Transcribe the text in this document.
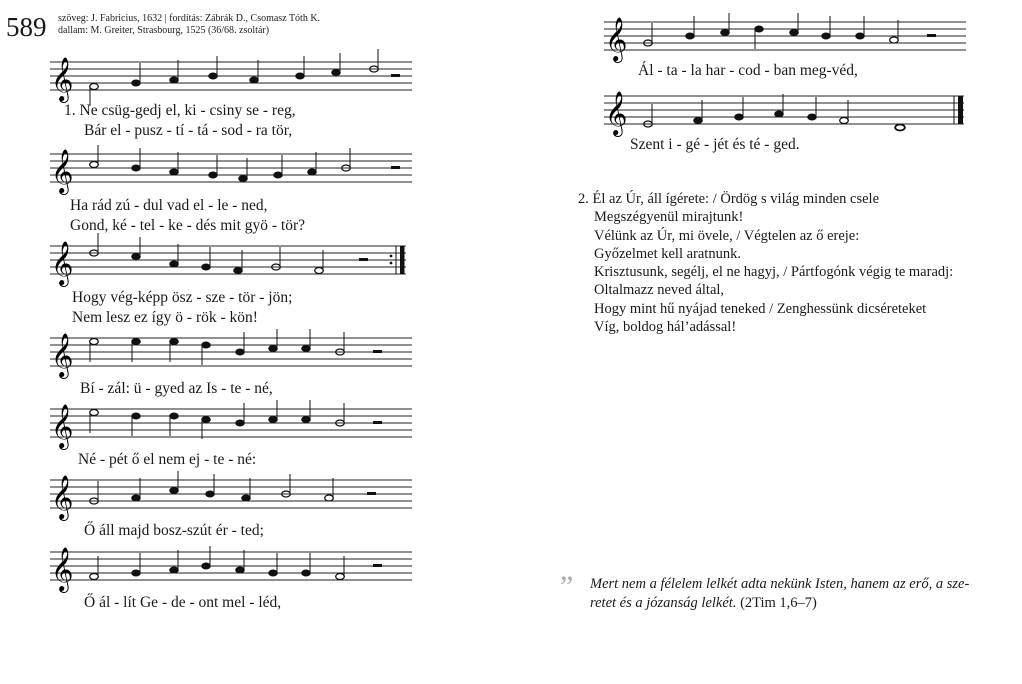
589 szöveg: J. Fabricius, 1632 | fordítás: Zábrák D., Csomasz Tóth K.
dallam: M. Greiter, Strasbourg, 1525 (36/68. zsoltár)
𝄞
1. Ne csüg-gedj el, ki - csiny se - reg,
Bár el - pusz - tí - tá - sod - ra tör,
𝄞
Ha rád zú - dul vad el - le - ned,
Gond, ké - tel - ke - dés mit gyö - tör?
𝄞
Hogy vég-képp ösz - sze - tör - jön;
Nem lesz ez így ö - rök - kön!
𝄞
Bí - zál: ü - gyed az Is - te - né,
𝄞
Né - pét ő el nem ej - te - né:
𝄞
Ő áll majd bosz-szút ér - ted;
𝄞
Ő ál - lít Ge - de - ont mel - léd,
𝄞
Ál - ta - la har - cod - ban meg-véd,
𝄞
Szent i - gé - jét és té - ged.
2. Él az Úr, áll ígérete: / Ördög s világ minden csele
Megszégyenül mirajtunk!
Vélünk az Úr, mi övele, / Végtelen az ő ereje:
Győzelmet kell aratnunk.
Krisztusunk, segélj, el ne hagyj, / Pártfogónk végig te maradj:
Oltalmazz neved által,
Hogy mint hű nyájad teneked / Zenghessünk dicséreteket
Víg, boldog hál’adással!
” Mert nem a félelem lelkét adta nekünk Isten, hanem az erő, a sze-
retet és a józanság lelkét. (2Tim 1,6–7)
